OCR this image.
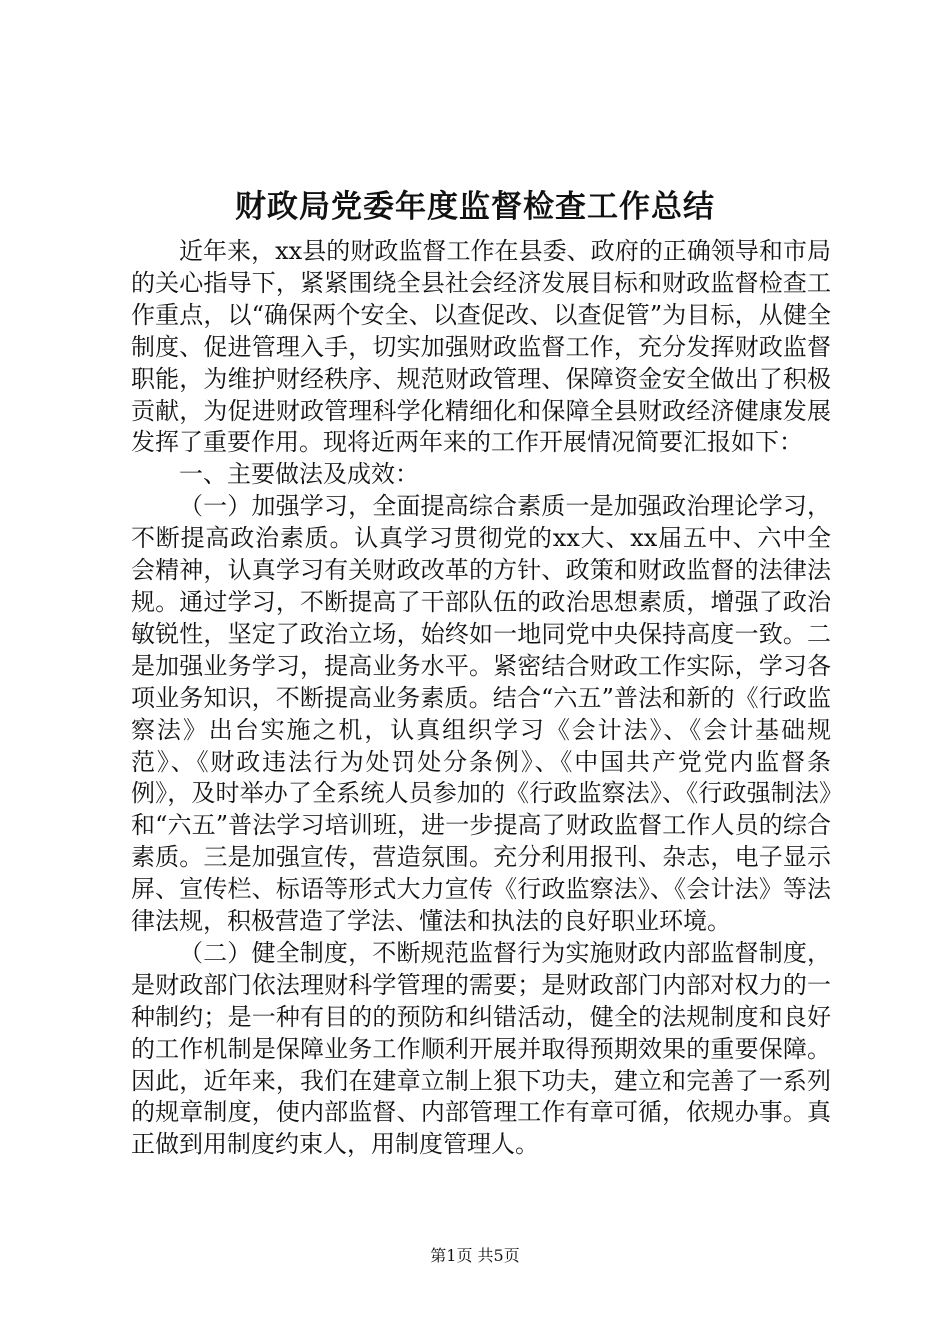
财政局党委年度监督检查工作总结

近年来，xx县的财政监督工作在县委、政府的正确领导和市局的关心指导下，紧紧围绕全县社会经济发展目标和财政监督检查工作重点，以“确保两个安全、以查促改、以查促管”为目标，从健全制度、促进管理入手，切实加强财政监督工作，充分发挥财政监督职能，为维护财经秩序、规范财政管理、保障资金安全做出了积极贡献，为促进财政管理科学化精细化和保障全县财政经济健康发展发挥了重要作用。现将近两年来的工作开展情况简要汇报如下：

一、主要做法及成效：

（一）加强学习，全面提高综合素质一是加强政治理论学习，不断提高政治素质。认真学习贯彻党的xx大、xx届五中、六中全会精神，认真学习有关财政改革的方针、政策和财政监督的法律法规。通过学习，不断提高了干部队伍的政治思想素质，增强了政治敏锐性，坚定了政治立场，始终如一地同党中央保持高度一致。二是加强业务学习，提高业务水平。紧密结合财政工作实际，学习各项业务知识，不断提高业务素质。结合“六五”普法和新的《行政监察法》出台实施之机，认真组织学习《会计法》、《会计基础规范》、《财政违法行为处罚处分条例》、《中国共产党党内监督条例》，及时举办了全系统人员参加的《行政监察法》、《行政强制法》和“六五”普法学习培训班，进一步提高了财政监督工作人员的综合素质。三是加强宣传，营造氛围。充分利用报刊、杂志，电子显示屏、宣传栏、标语等形式大力宣传《行政监察法》、《会计法》等法律法规，积极营造了学法、懂法和执法的良好职业环境。

（二）健全制度，不断规范监督行为实施财政内部监督制度，是财政部门依法理财科学管理的需要；是财政部门内部对权力的一种制约；是一种有目的的预防和纠错活动，健全的法规制度和良好的工作机制是保障业务工作顺利开展并取得预期效果的重要保障。因此，近年来，我们在建章立制上狠下功夫，建立和完善了一系列的规章制度，使内部监督、内部管理工作有章可循，依规办事。真正做到用制度约束人，用制度管理人。

第1页 共5页
